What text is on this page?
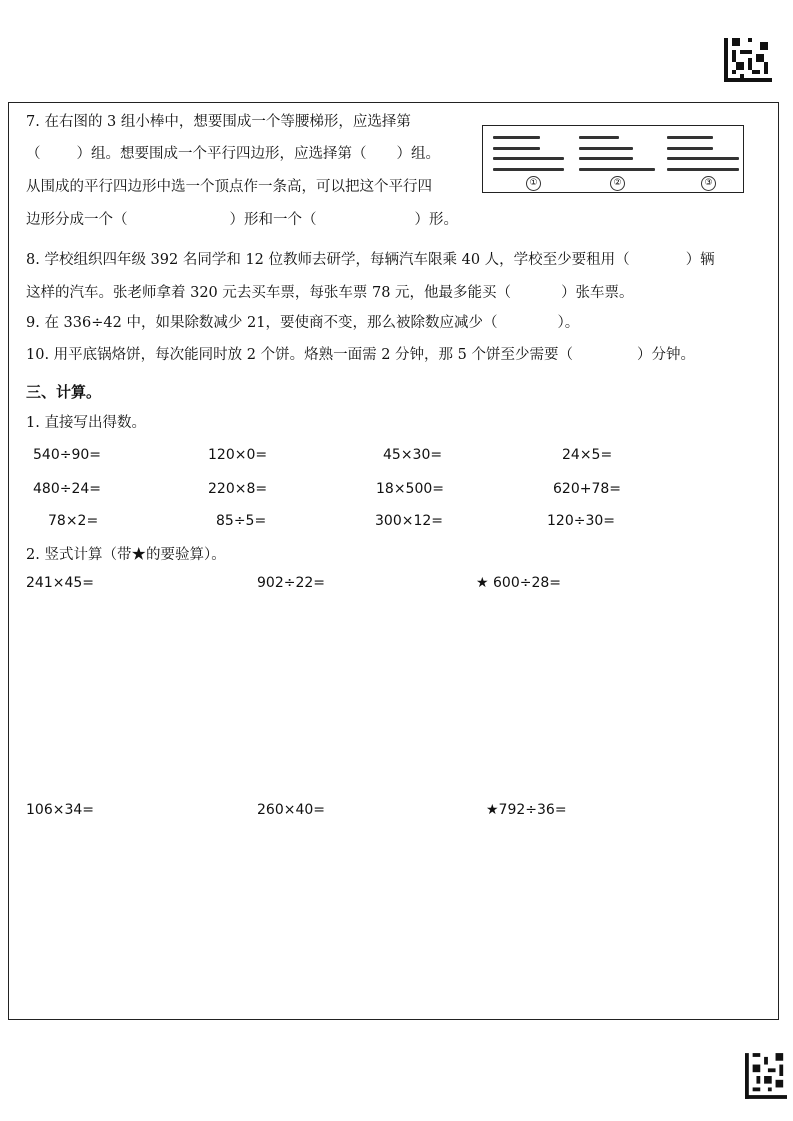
7. 在右图的 3 组小棒中，想要围成一个等腰梯形，应选择第
（ ）组。想要围成一个平行四边形，应选择第（ ）组。
从围成的平行四边形中选一个顶点作一条高，可以把这个平行四
边形分成一个（	）形和一个（	）形。
①	②	③
8. 学校组织四年级 392 名同学和 12 位教师去研学，每辆汽车限乘 40 人，学校至少要租用（	）辆
这样的汽车。张老师拿着 320 元去买车票，每张车票 78 元，他最多能买（	）张车票。
9. 在 336÷42 中，如果除数减少 21，要使商不变，那么被除数应减少（	）。
10. 用平底锅烙饼，每次能同时放 2 个饼。烙熟一面需 2 分钟，那 5 个饼至少需要（	）分钟。
三、计算。
1. 直接写出得数。
540÷90=	120×0=	45×30=	24×5=
480÷24=	220×8=	18×500=	620+78=
78×2=	85÷5=	300×12=	120÷30=
2. 竖式计算（带★的要验算）。
241×45=	902÷22=	★ 600÷28=
106×34=	260×40=	★792÷36=
